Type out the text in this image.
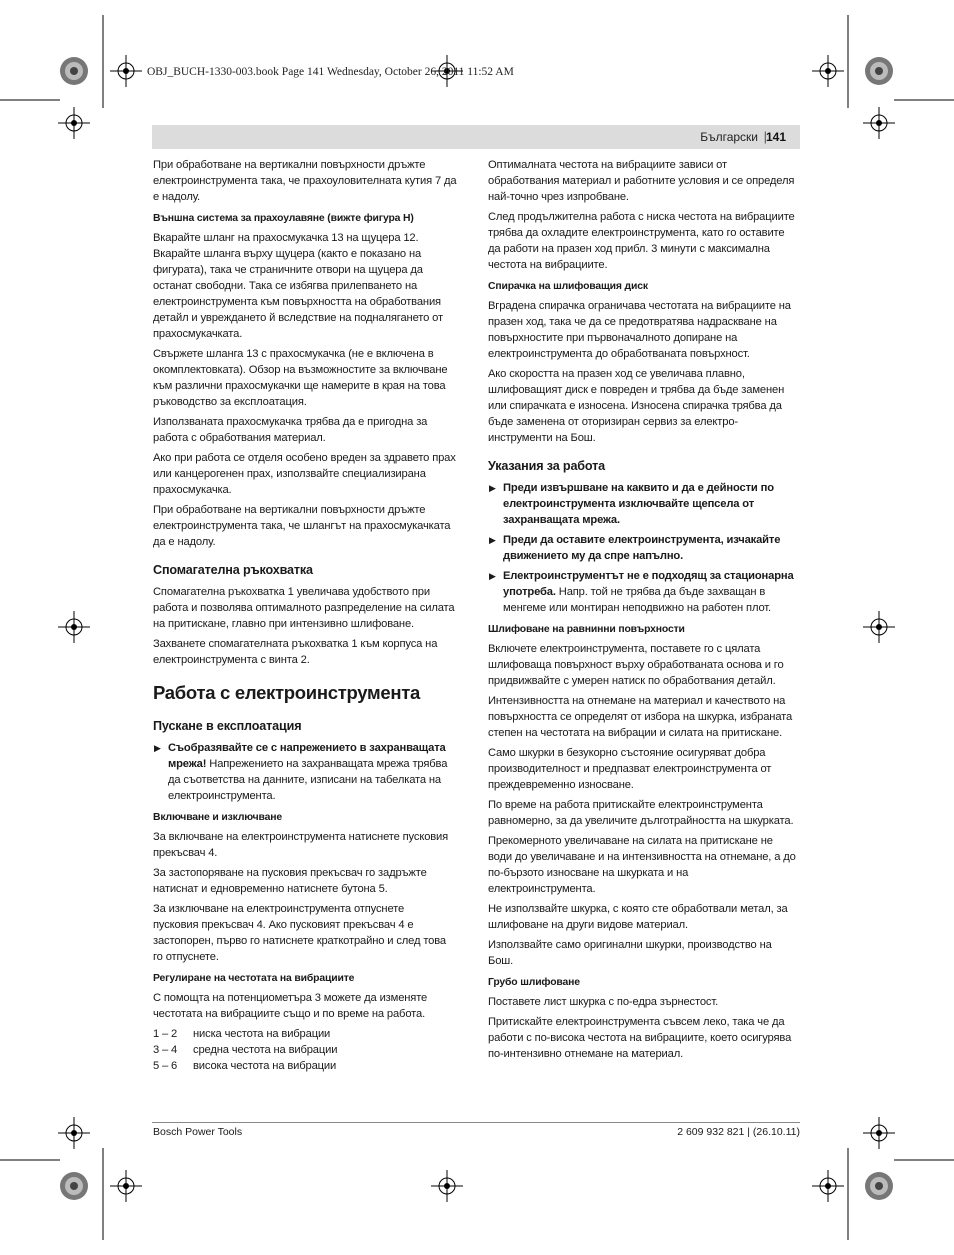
OBJ_BUCH-1330-003.book Page 141 Wednesday, October 26, 2011 11:52 AM
Български |
141

При обработване на вертикални повърхности дръжте
електроинструмента така, че прахоуловителната кутия 7 да
е надолу.

Външна система за прахоулавяне (вижте фигура H)

Вкарайте шланг на прахосмукачка 13 на щуцера 12.
Вкарайте шланга върху щуцера (както е показано на
фигурата), така че страничните отвори на щуцера да
останат свободни. Така се избягва прилепването на
електроинструмента към повърхността на обработвания
детайл и увреждането й вследствие на подналягането от
прахосмукачката.

Свържете шланга 13 с прахосмукачка (не е включена в
окомплектовката). Обзор на възможностите за включване
към различни прахосмукачки ще намерите в края на това
ръководство за експлоатация.

Използваната прахосмукачка трябва да е пригодна за
работа с обработвания материал.

Ако при работа се отделя особено вреден за здравето прах
или канцерогенен прах, използвайте специализирана
прахосмукачка.

При обработване на вертикални повърхности дръжте
електроинструмента така, че шлангът на прахосмукачката
да е надолу.

Спомагателна ръкохватка

Спомагателна ръкохватка 1 увеличава удобството при
работа и позволява оптималното разпределение на силата
на притискане, главно при интензивно шлифоване.

Захванете спомагателната ръкохватка 1 към корпуса на
електроинструмента с винта 2.

Работа с електроинструмента

Пускане в експлоатация

▶ Съобразявайте се с напрежението в захранващата
мрежа! Напрежението на захранващата мрежа трябва
да съответства на данните, изписани на табелката на
електроинструмента.

Включване и изключване

За включване на електроинструмента натиснете пусковия
прекъсвач 4.

За застопоряване на пусковия прекъсвач го задръжте
натиснат и едновременно натиснете бутона 5.

За изключване на електроинструмента отпуснете
пусковия прекъсвач 4. Ако пусковият прекъсвач 4 е
застопорен, първо го натиснете краткотрайно и след това
го отпуснете.

Регулиране на честотата на вибрациите

С помощта на потенциометъра 3 можете да изменяте
честотата на вибрациите също и по време на работа.

1 – 2	ниска честота на вибрации
3 – 4	средна честота на вибрации
5 – 6	висока честота на вибрации

Оптималната честота на вибрациите зависи от
обработвания материал и работните условия и се определя
най-точно чрез изпробване.

След продължителна работа с ниска честота на вибрациите
трябва да охладите електроинструмента, като го оставите
да работи на празен ход прибл. 3 минути с максимална
честота на вибрациите.

Спирачка на шлифоващия диск

Вградена спирачка ограничава честотата на вибрациите на
празен ход, така че да се предотвратява надраскване на
повърхностите при първоначалното допиране на
електроинструмента до обработваната повърхност.

Ако скоростта на празен ход се увеличава плавно,
шлифоващият диск е повреден и трябва да бъде заменен
или спирачката е износена. Износена спирачка трябва да
бъде заменена от оторизиран сервиз за електро-
инструменти на Бош.

Указания за работа

▶ Преди извършване на каквито и да е дейности по
електроинструмента изключвайте щепсела от
захранващата мрежа.

▶ Преди да оставите електроинструмента, изчакайте
движението му да спре напълно.

▶ Електроинструментът не е подходящ за стационарна
употреба. Напр. той не трябва да бъде захващан в
менгеме или монтиран неподвижно на работен плот.

Шлифоване на равнинни повърхности

Включете електроинструмента, поставете го с цялата
шлифоваща повърхност върху обработваната основа и го
придвижвайте с умерен натиск по обработвания детайл.

Интензивността на отнемане на материал и качеството на
повърхността се определят от избора на шкурка, избраната
степен на честотата на вибрации и силата на притискане.

Само шкурки в безукорно състояние осигуряват добра
производителност и предпазват електроинструмента от
преждевременно износване.

По време на работа притискайте електроинструмента
равномерно, за да увеличите дълготрайността на шкурката.

Прекомерното увеличаване на силата на притискане не
води до увеличаване и на интензивността на отнемане, а до
по-бързото износване на шкурката и на
електроинструмента.

Не използвайте шкурка, с която сте обработвали метал, за
шлифоване на други видове материал.

Използвайте само оригинални шкурки, производство на
Бош.

Грубо шлифоване

Поставете лист шкурка с по-едра зърнестост.

Притискайте електроинструмента съвсем леко, така че да
работи с по-висока честота на вибрациите, което осигурява
по-интензивно отнемане на материал.

Bosch Power Tools	2 609 932 821 | (26.10.11)
